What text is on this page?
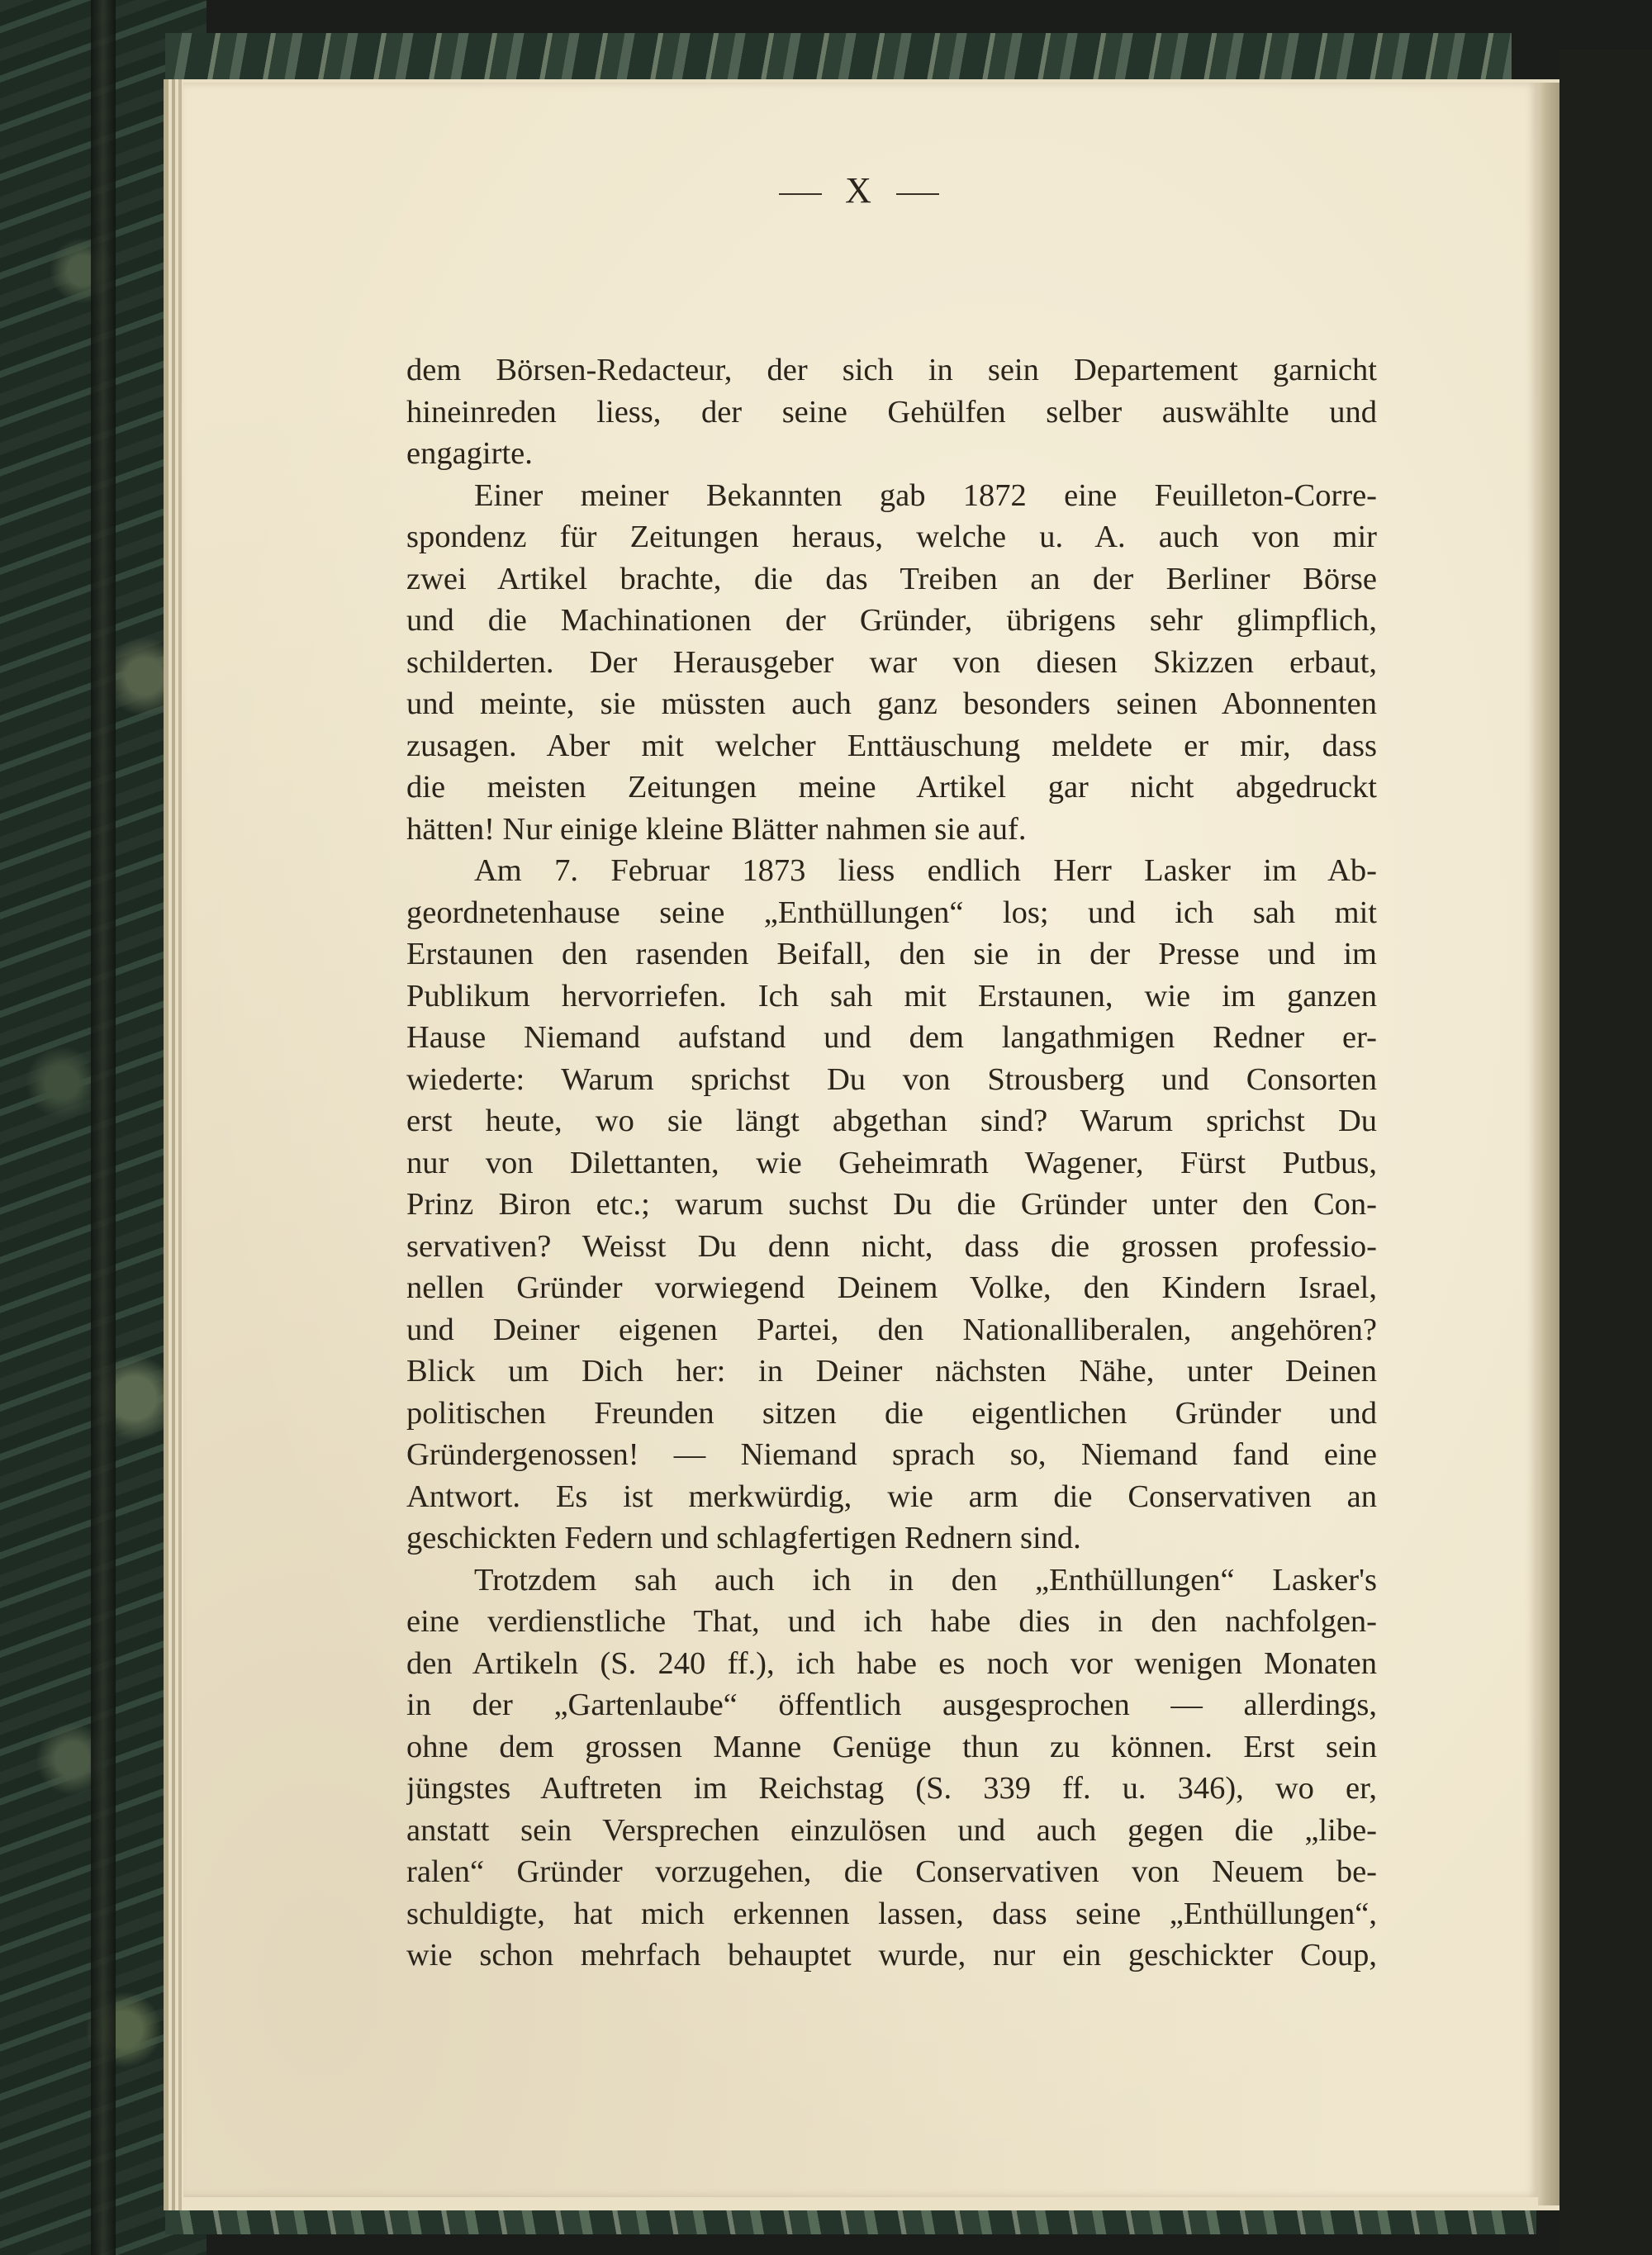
X
dem Börsen-Redacteur, der sich in sein Departement garnicht
hineinreden liess, der seine Gehülfen selber auswählte und
engagirte.
Einer meiner Bekannten gab 1872 eine Feuilleton-Corre-
spondenz für Zeitungen heraus, welche u. A. auch von mir
zwei Artikel brachte, die das Treiben an der Berliner Börse
und die Machinationen der Gründer, übrigens sehr glimpflich,
schilderten. Der Herausgeber war von diesen Skizzen erbaut,
und meinte, sie müssten auch ganz besonders seinen Abonnenten
zusagen. Aber mit welcher Enttäuschung meldete er mir, dass
die meisten Zeitungen meine Artikel gar nicht abgedruckt
hätten! Nur einige kleine Blätter nahmen sie auf.
Am 7. Februar 1873 liess endlich Herr Lasker im Ab-
geordnetenhause seine „Enthüllungen“ los; und ich sah mit
Erstaunen den rasenden Beifall, den sie in der Presse und im
Publikum hervorriefen. Ich sah mit Erstaunen, wie im ganzen
Hause Niemand aufstand und dem langathmigen Redner er-
wiederte: Warum sprichst Du von Strousberg und Consorten
erst heute, wo sie längt abgethan sind? Warum sprichst Du
nur von Dilettanten, wie Geheimrath Wagener, Fürst Putbus,
Prinz Biron etc.; warum suchst Du die Gründer unter den Con-
servativen? Weisst Du denn nicht, dass die grossen professio-
nellen Gründer vorwiegend Deinem Volke, den Kindern Israel,
und Deiner eigenen Partei, den Nationalliberalen, angehören?
Blick um Dich her: in Deiner nächsten Nähe, unter Deinen
politischen Freunden sitzen die eigentlichen Gründer und
Gründergenossen! — Niemand sprach so, Niemand fand eine
Antwort. Es ist merkwürdig, wie arm die Conservativen an
geschickten Federn und schlagfertigen Rednern sind.
Trotzdem sah auch ich in den „Enthüllungen“ Lasker's
eine verdienstliche That, und ich habe dies in den nachfolgen-
den Artikeln (S. 240 ff.), ich habe es noch vor wenigen Monaten
in der „Gartenlaube“ öffentlich ausgesprochen — allerdings,
ohne dem grossen Manne Genüge thun zu können. Erst sein
jüngstes Auftreten im Reichstag (S. 339 ff. u. 346), wo er,
anstatt sein Versprechen einzulösen und auch gegen die „libe-
ralen“ Gründer vorzugehen, die Conservativen von Neuem be-
schuldigte, hat mich erkennen lassen, dass seine „Enthüllungen“,
wie schon mehrfach behauptet wurde, nur ein geschickter Coup,
